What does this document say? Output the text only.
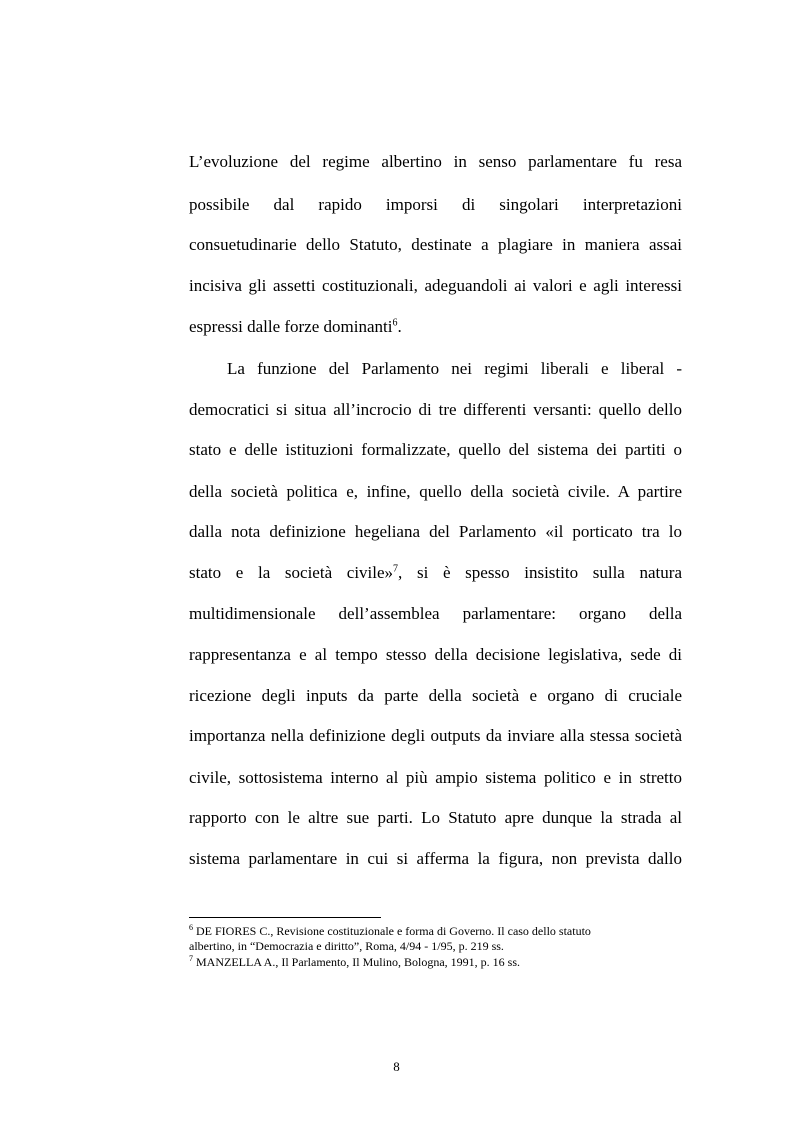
L’evoluzione del regime albertino in senso parlamentare fu resa
possibile dal rapido imporsi di singolari interpretazioni
consuetudinarie dello Statuto, destinate a plagiare in maniera assai
incisiva gli assetti costituzionali, adeguandoli ai valori e agli interessi
espressi dalle forze dominanti$^6$.
La funzione del Parlamento nei regimi liberali e liberal -
democratici si situa all’incrocio di tre differenti versanti: quello dello
stato e delle istituzioni formalizzate, quello del sistema dei partiti o
della società politica e, infine, quello della società civile. A partire
dalla nota definizione hegeliana del Parlamento «il porticato tra lo
stato e la società civile»$^7$, si è spesso insistito sulla natura
multidimensionale dell’assemblea parlamentare: organo della
rappresentanza e al tempo stesso della decisione legislativa, sede di
ricezione degli inputs da parte della società e organo di cruciale
importanza nella definizione degli outputs da inviare alla stessa società
civile, sottosistema interno al più ampio sistema politico e in stretto
rapporto con le altre sue parti. Lo Statuto apre dunque la strada al
sistema parlamentare in cui si afferma la figura, non prevista dallo
$^6$ DE FIORES C., Revisione costituzionale e forma di Governo. Il caso dello statuto
albertino, in “Democrazia e diritto”, Roma, 4/94 - 1/95, p. 219 ss.
$^7$ MANZELLA A., Il Parlamento, Il Mulino, Bologna, 1991, p. 16 ss.
8
